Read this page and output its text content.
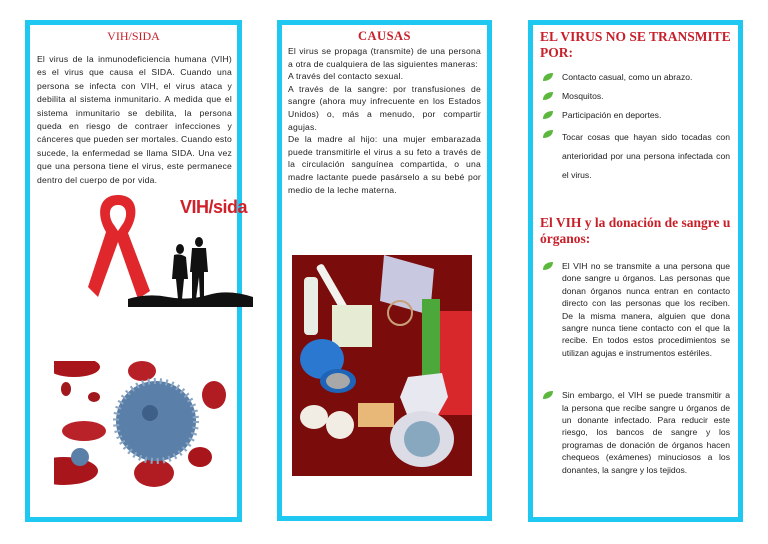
VIH/SIDA
El virus de la inmunodeficiencia humana (VIH) es el virus que causa el SIDA. Cuando una persona se infecta con VIH, el virus ataca y debilita al sistema inmunitario. A medida que el sistema inmunitario se debilita, la persona queda en riesgo de contraer infecciones y cánceres que pueden ser mortales. Cuando esto sucede, la enfermedad se llama SIDA. Una vez que una persona tiene el virus, este permanece dentro del cuerpo de por vida.
VIH/sida
CAUSAS

El virus se propaga (transmite) de una persona a otra de cualquiera de las siguientes maneras:

A través del contacto sexual.

A través de la sangre: por transfusiones de sangre (ahora muy infrecuente en los Estados Unidos) o, más a menudo, por compartir agujas.

De la madre al hijo: una mujer embarazada puede transmitirle el virus a su feto a través de la circulación sanguínea compartida, o una madre lactante puede pasárselo a su bebé por medio de la leche materna.

EL VIRUS NO SE TRANSMITE POR:
Contacto casual, como un abrazo.
Mosquitos.
Participación en deportes.
Tocar cosas que hayan sido tocadas con anterioridad por una persona infectada con el virus.
El VIH y la donación de sangre u órganos:
El VIH no se transmite a una persona que done sangre u órganos. Las personas que donan órganos nunca entran en contacto directo con las personas que los reciben. De la misma manera, alguien que dona sangre nunca tiene contacto con el que la recibe. En todos estos procedimientos se utilizan agujas e instrumentos estériles.
Sin embargo, el VIH se puede transmitir a la persona que recibe sangre u órganos de un donante infectado. Para reducir este riesgo, los bancos de sangre y los programas de donación de órganos hacen chequeos (exámenes) minuciosos a los donantes, la sangre y los tejidos.
